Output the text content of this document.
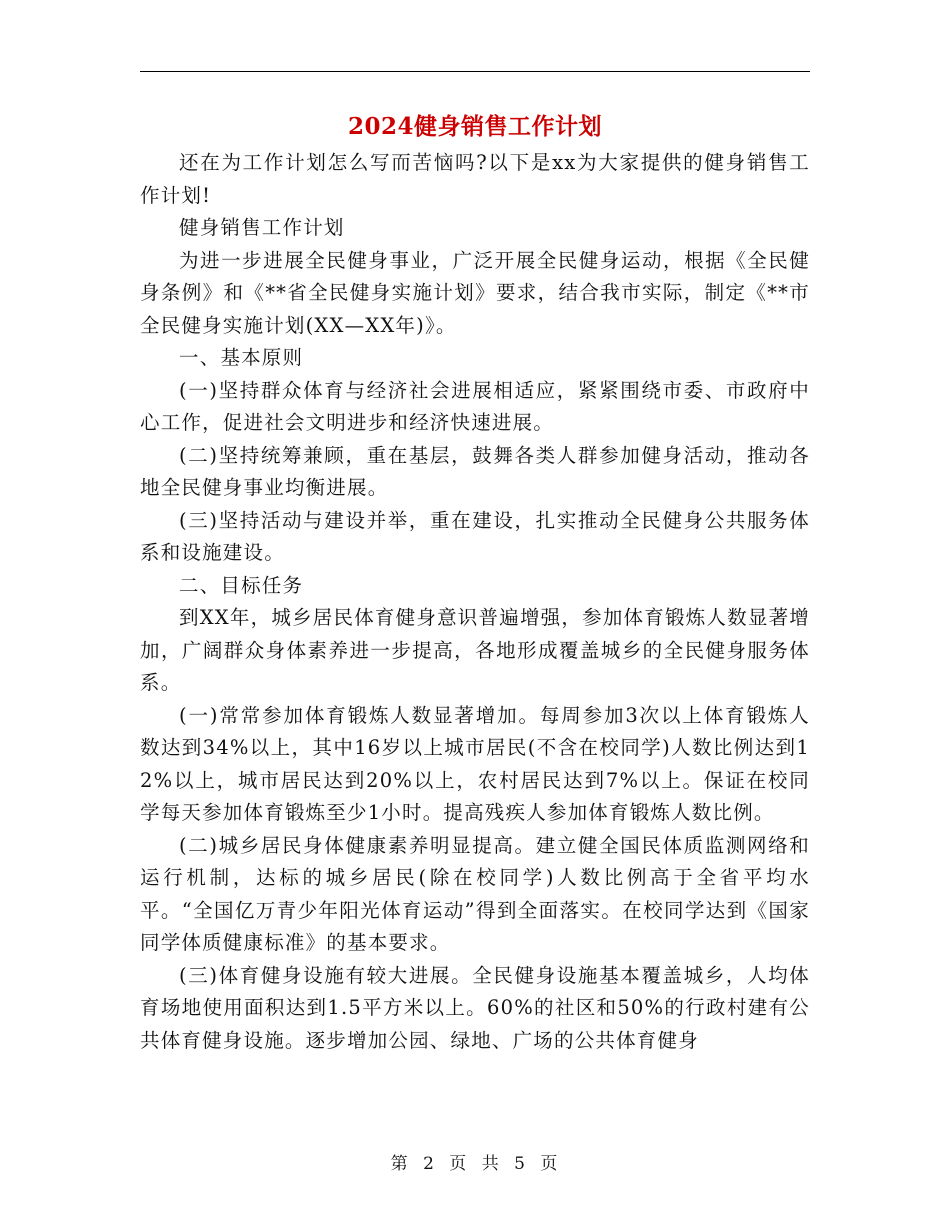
2024健身销售工作计划

还在为工作计划怎么写而苦恼吗?以下是xx为大家提供的健身销售工作计划!

健身销售工作计划

为进一步进展全民健身事业，广泛开展全民健身运动，根据《全民健身条例》和《**省全民健身实施计划》要求，结合我市实际，制定《**市全民健身实施计划(XX—XX年)》。

一、基本原则

(一)坚持群众体育与经济社会进展相适应，紧紧围绕市委、市政府中心工作，促进社会文明进步和经济快速进展。

(二)坚持统筹兼顾，重在基层，鼓舞各类人群参加健身活动，推动各地全民健身事业均衡进展。

(三)坚持活动与建设并举，重在建设，扎实推动全民健身公共服务体系和设施建设。

二、目标任务

到XX年，城乡居民体育健身意识普遍增强，参加体育锻炼人数显著增加，广阔群众身体素养进一步提高，各地形成覆盖城乡的全民健身服务体系。

(一)常常参加体育锻炼人数显著增加。每周参加3次以上体育锻炼人数达到34%以上，其中16岁以上城市居民(不含在校同学)人数比例达到12%以上，城市居民达到20%以上，农村居民达到7%以上。保证在校同学每天参加体育锻炼至少1小时。提高残疾人参加体育锻炼人数比例。

(二)城乡居民身体健康素养明显提高。建立健全国民体质监测网络和运行机制，达标的城乡居民(除在校同学)人数比例高于全省平均水平。“全国亿万青少年阳光体育运动”得到全面落实。在校同学达到《国家同学体质健康标准》的基本要求。

(三)体育健身设施有较大进展。全民健身设施基本覆盖城乡，人均体育场地使用面积达到1.5平方米以上。60%的社区和50%的行政村建有公共体育健身设施。逐步增加公园、绿地、广场的公共体育健身

第 2 页 共 5 页
